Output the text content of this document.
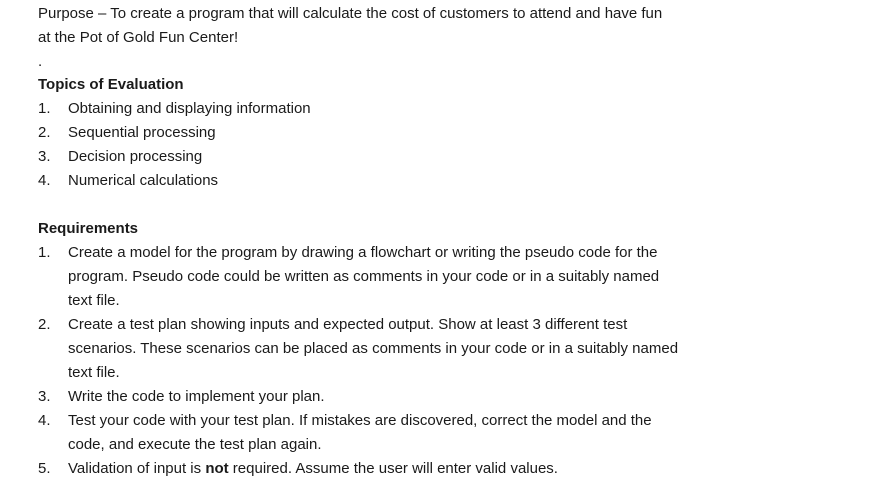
Purpose – To create a program that will calculate the cost of customers to attend and have fun

at the Pot of Gold Fun Center!

.

Topics of Evaluation

1. Obtaining and displaying information
2. Sequential processing
3. Decision processing
4. Numerical calculations

Requirements

1. Create a model for the program by drawing a flowchart or writing the pseudo code for the
program. Pseudo code could be written as comments in your code or in a suitably named
text file.
2. Create a test plan showing inputs and expected output. Show at least 3 different test
scenarios. These scenarios can be placed as comments in your code or in a suitably named
text file.
3. Write the code to implement your plan.
4. Test your code with your test plan. If mistakes are discovered, correct the model and the
code, and execute the test plan again.
5. Validation of input is not required. Assume the user will enter valid values.
